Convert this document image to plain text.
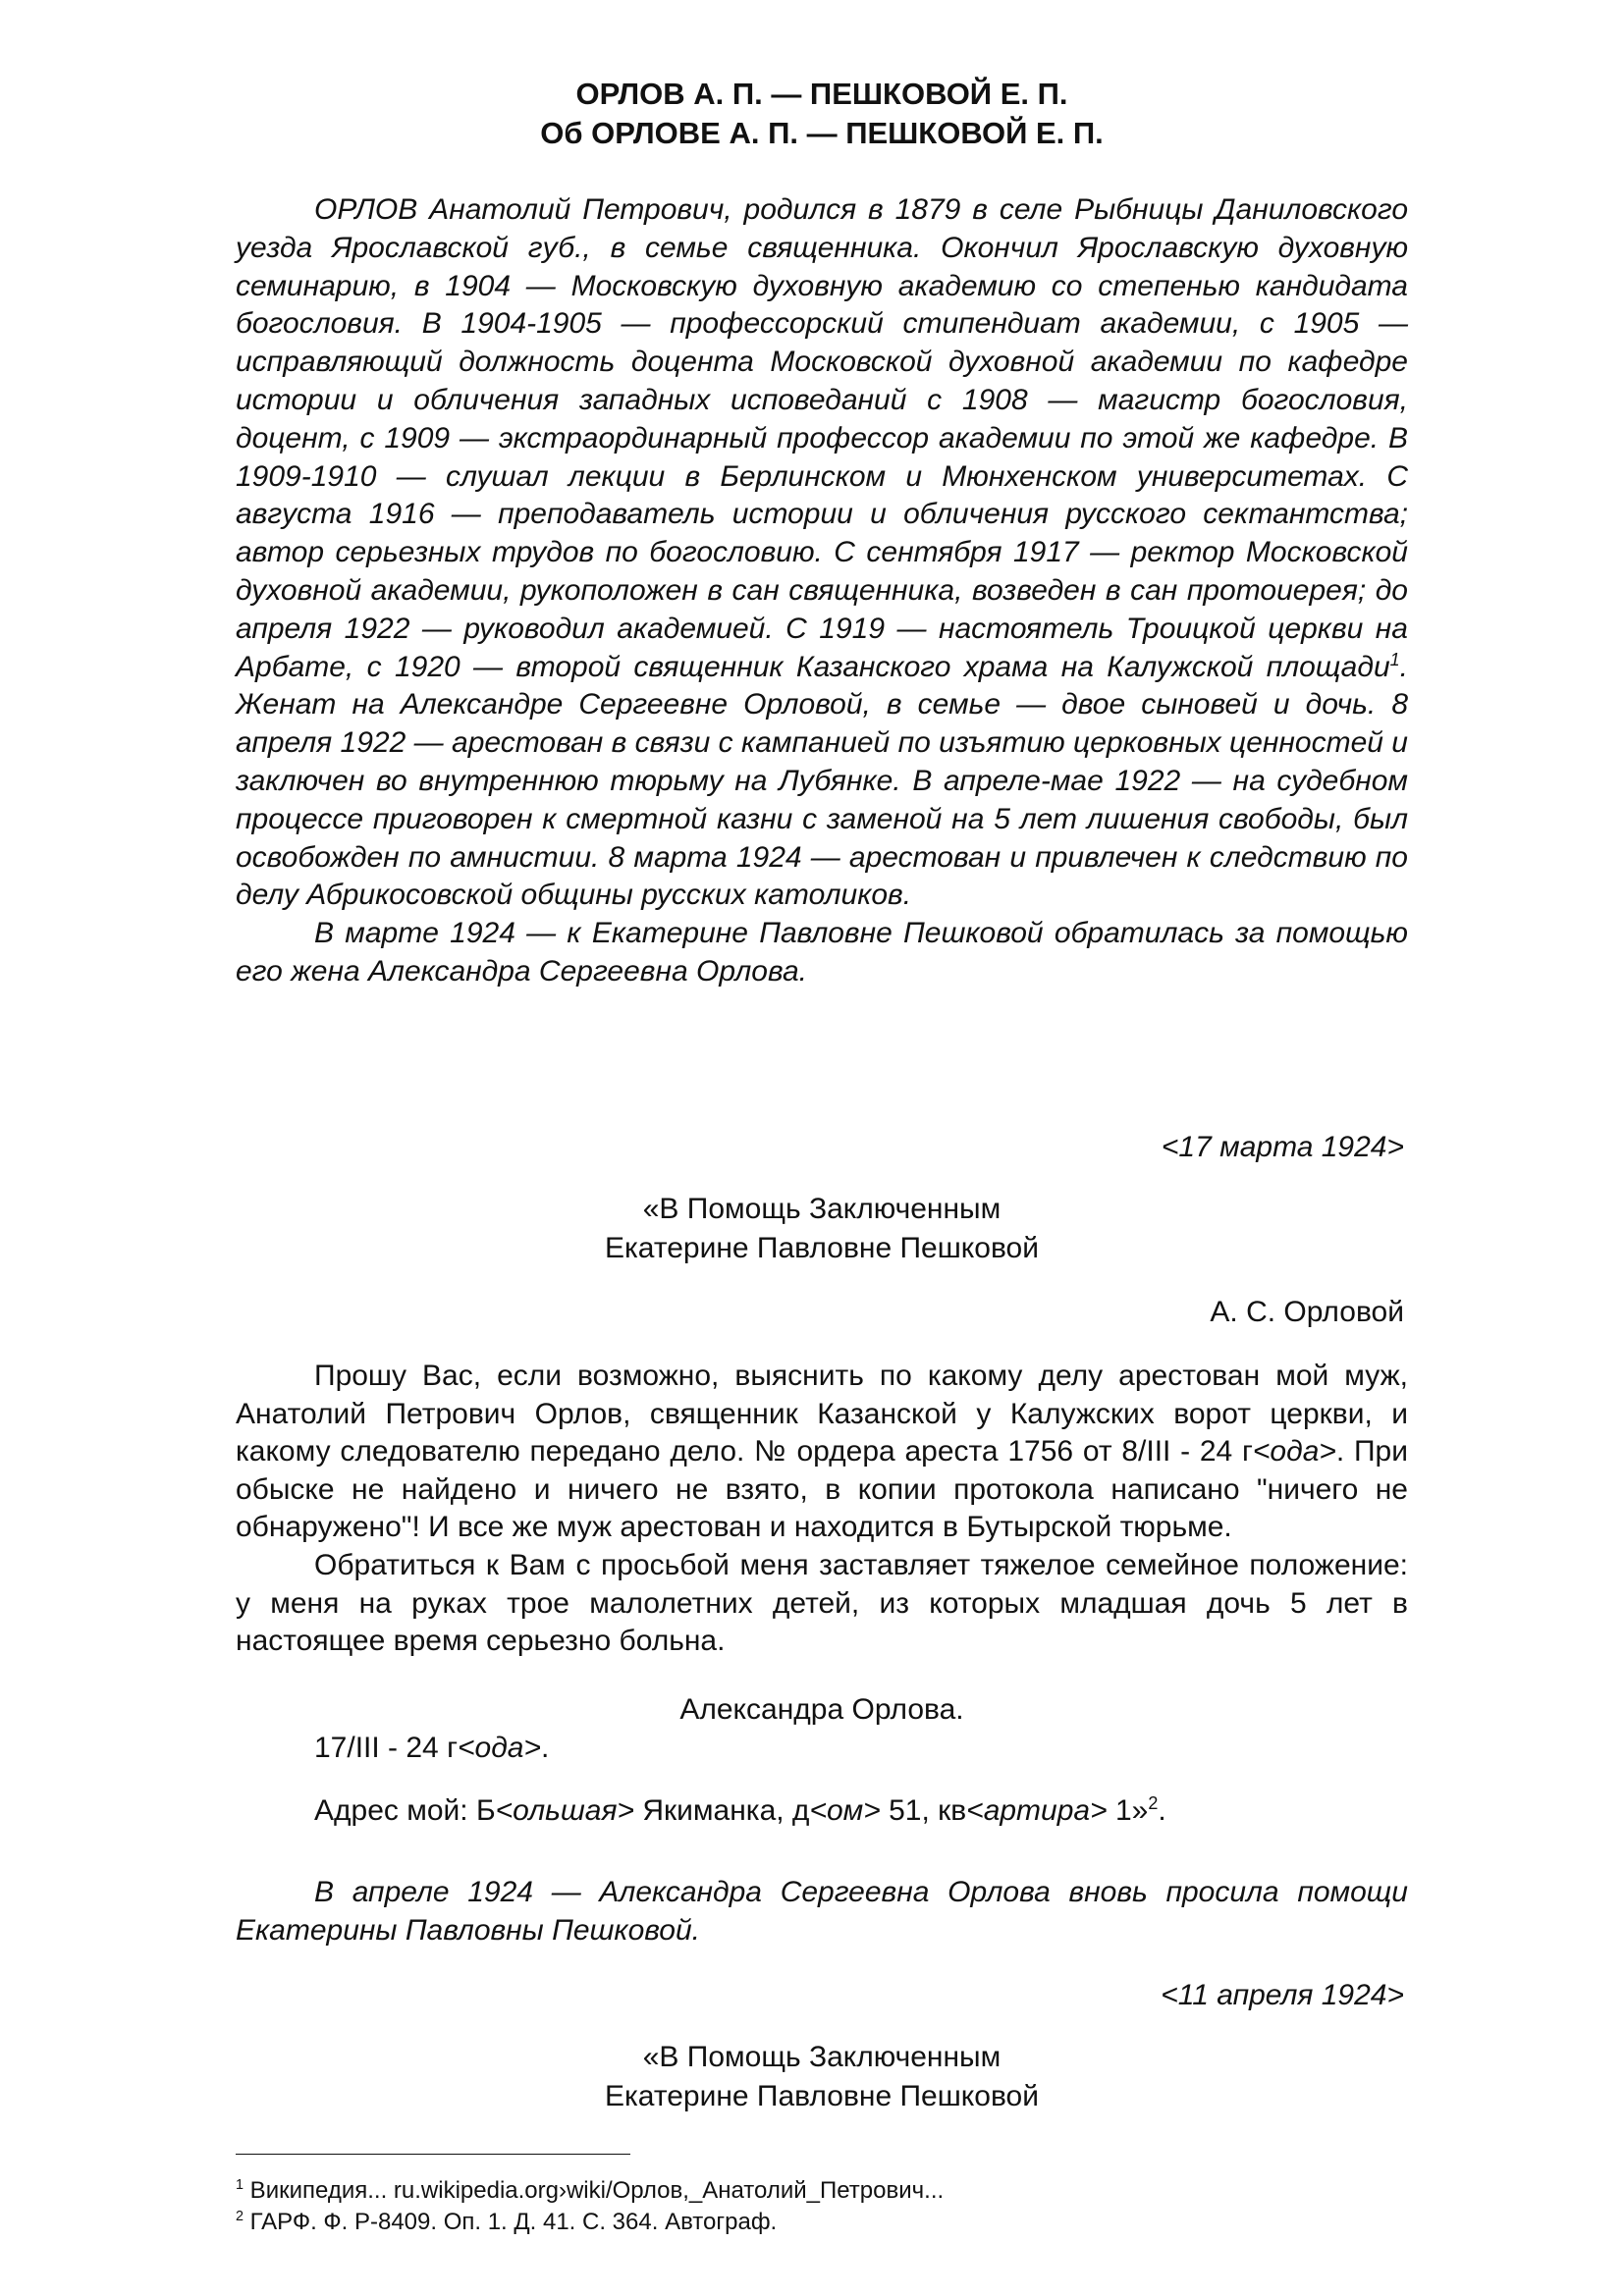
ОРЛОВ А. П. — ПЕШКОВОЙ Е. П.
Об ОРЛОВЕ А. П. — ПЕШКОВОЙ Е. П.

ОРЛОВ Анатолий Петрович, родился в 1879 в селе Рыбницы Даниловского уезда Ярославской губ., в семье священника. Окончил Ярославскую духовную семинарию, в 1904 — Московскую духовную академию со степенью кандидата богословия. В 1904-1905 — профессорский стипендиат академии, с 1905 — исправляющий должность доцента Московской духовной академии по кафедре истории и обличения западных исповеданий с 1908 — магистр богословия, доцент, с 1909 — экстраординарный профессор академии по этой же кафедре. В 1909-1910 — слушал лекции в Берлинском и Мюнхенском университетах. С августа 1916 — преподаватель истории и обличения русского сектантства; автор серьезных трудов по богословию. С сентября 1917 — ректор Московской духовной академии, рукоположен в сан священника, возведен в сан протоиерея; до апреля 1922 — руководил академией. С 1919 — настоятель Троицкой церкви на Арбате, с 1920 — второй священник Казанского храма на Калужской площади$^1$. Женат на Александре Сергеевне Орловой, в семье — двое сыновей и дочь. 8 апреля 1922 — арестован в связи с кампанией по изъятию церковных ценностей и заключен во внутреннюю тюрьму на Лубянке. В апреле-мае 1922 — на судебном процессе приговорен к смертной казни с заменой на 5 лет лишения свободы, был освобожден по амнистии. 8 марта 1924 — арестован и привлечен к следствию по делу Абрикосовской общины русских католиков.

В марте 1924 — к Екатерине Павловне Пешковой обратилась за помощью его жена Александра Сергеевна Орлова.

<17 марта 1924>
«В Помощь Заключенным
Екатерине Павловне Пешковой
А. С. Орловой

Прошу Вас, если возможно, выяснить по какому делу арестован мой муж, Анатолий Петрович Орлов, священник Казанской у Калужских ворот церкви, и какому следователю передано дело. № ордера ареста 1756 от 8/III - 24 г<ода>. При обыске не найдено и ничего не взято, в копии протокола написано "ничего не обнаружено"! И все же муж арестован и находится в Бутырской тюрьме.

Обратиться к Вам с просьбой меня заставляет тяжелое семейное положение: у меня на руках трое малолетних детей, из которых младшая дочь 5 лет в настоящее время серьезно больна.

Александра Орлова.
17/III - 24 г<ода>.
Адрес мой: Б<ольшая> Якиманка, д<ом> 51, кв<артира> 1»$^2$.

В апреле 1924 — Александра Сергеевна Орлова вновь просила помощи Екатерины Павловны Пешковой.

<11 апреля 1924>
«В Помощь Заключенным
Екатерине Павловне Пешковой
$^1$ Википедия... ru.wikipedia.org›wiki/Орлов,_Анатолий_Петрович...
$^2$ ГАРФ. Ф. Р-8409. Оп. 1. Д. 41. С. 364. Автограф.
